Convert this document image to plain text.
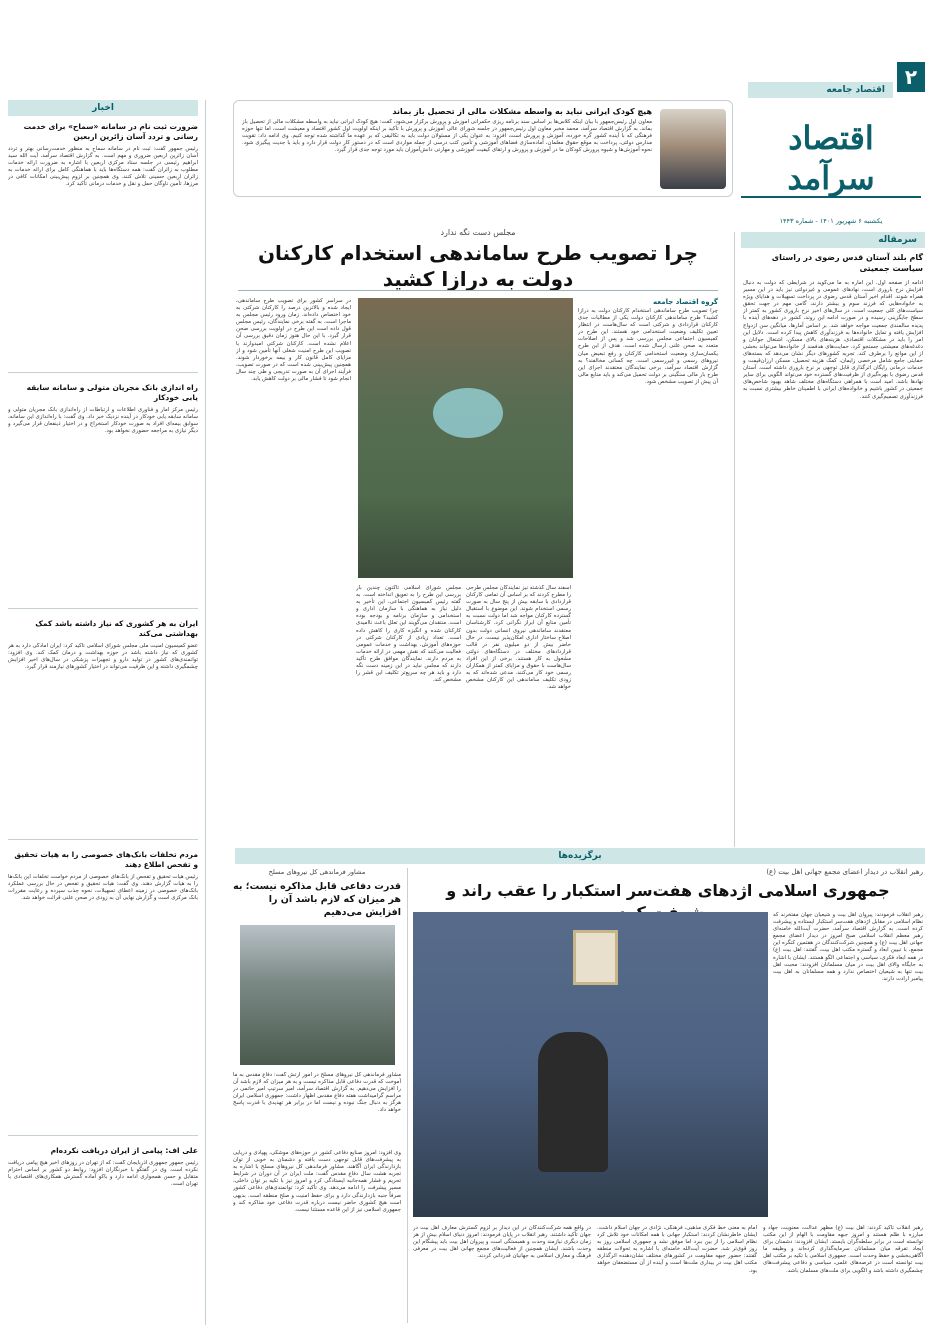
۲
اقتصاد جامعه
اقتصاد سرآمد
یکشنبه ۶ شهریور ۱۴۰۱ - شماره ۱۴۴۳
هیچ کودک ایرانی نباید به واسطه مشکلات مالی از تحصیل باز بماند
معاون اول رئیس‌جمهور با بیان اینکه کلاس‌ها بر اساس سند برنامه ریزی حکمرانی آموزش و پرورش برگزار می‌شود، گفت: هیچ کودک ایرانی نباید به واسطه مشکلات مالی از تحصیل باز بماند. به گزارش اقتصاد سرآمد، محمد مخبر معاون اول رئیس‌جمهور در جلسه شورای عالی آموزش و پرورش با تأکید بر اینکه اولویت اول کشور اقتصاد و معیشت است، اما تنها حوزه فرهنگی که با آینده کشور گره خورده، آموزش و پرورش است، افزود: به عنوان یکی از مسئولان دولت باید به تکالیفی که بر عهده ما گذاشته شده توجه کنیم. وی ادامه داد: تقویت مدارس دولتی، پرداخت به موقع حقوق معلمان، آماده‌سازی فضاهای آموزشی و تأمین کتب درسی از جمله مواردی است که در دستور کار دولت قرار دارد و باید با جدیت پیگیری شود. نحوه آموزش‌ها و شیوه پرورش کودکان ما در آموزش و پرورش و ارتقای کیفیت آموزشی و مهارتی دانش‌آموزان باید مورد توجه جدی قرار گیرد.
اخبار
ضرورت ثبت نام در سامانه «سماح» برای خدمت رسانی و تردد آسان زائرین اربعین
رئیس جمهور گفت: ثبت نام در سامانه سماح به منظور خدمت‌رسانی بهتر و تردد آسان زائرین اربعین ضروری و مهم است. به گزارش اقتصاد سرآمد، آیت الله سید ابراهیم رئیسی در جلسه ستاد مرکزی اربعین با اشاره به ضرورت ارائه خدمات مطلوب به زائران گفت: همه دستگاه‌ها باید با هماهنگی کامل برای ارائه خدمات به زائران اربعین حسینی تلاش کنند. وی همچنین بر لزوم پیش‌بینی امکانات کافی در مرزها، تأمین ناوگان حمل و نقل و خدمات درمانی تأکید کرد.
راه اندازی بانک مجریان متولی و سامانه سابقه یابی خودکار
رئیس مرکز آمار و فناوری اطلاعات و ارتباطات از راه‌اندازی بانک مجریان متولی و سامانه سابقه یابی خودکار در آینده نزدیک خبر داد. وی گفت: با راه‌اندازی این سامانه، سوابق بیمه‌ای افراد به صورت خودکار استخراج و در اختیار ذینفعان قرار می‌گیرد و دیگر نیازی به مراجعه حضوری نخواهد بود.
ایران به هر کشوری که نیاز داشته باشد کمک بهداشتی می‌کند
عضو کمیسیون امنیت ملی مجلس شورای اسلامی تأکید کرد: ایران آمادگی دارد به هر کشوری که نیاز داشته باشد در حوزه بهداشت و درمان کمک کند. وی افزود: توانمندی‌های کشور در تولید دارو و تجهیزات پزشکی در سال‌های اخیر افزایش چشمگیری داشته و این ظرفیت می‌تواند در اختیار کشورهای نیازمند قرار گیرد.
مردم تخلفات بانک‌های خصوصی را به هیات تحقیق و تفحص اطلاع دهند
رئیس هیات تحقیق و تفحص از بانک‌های خصوصی از مردم خواست تخلفات این بانک‌ها را به هیات گزارش دهند. وی گفت: هیات تحقیق و تفحص در حال بررسی عملکرد بانک‌های خصوصی در زمینه اعطای تسهیلات، نحوه جذب سپرده و رعایت مقررات بانک مرکزی است و گزارش نهایی آن به زودی در صحن علنی قرائت خواهد شد.
علی اف: پیامی از ایران دریافت نکرده‌ام
رئیس جمهور جمهوری آذربایجان گفت: که از تهران در روزهای اخیر هیچ پیامی دریافت نکرده است. وی در گفتگو با خبرنگاران افزود: روابط دو کشور بر اساس احترام متقابل و حسن همجواری ادامه دارد و باکو آماده گسترش همکاری‌های اقتصادی با تهران است.
سرمقاله
گام بلند آستان قدس رضوی در راستای سیاست جمعیتی
ادامه از صفحه اول. این اماره به ما می‌گوید در شرایطی که دولت به دنبال افزایش نرخ باروری است، نهادهای عمومی و غیردولتی نیز باید در این مسیر همراه شوند. اقدام اخیر آستان قدس رضوی در پرداخت تسهیلات و هدایای ویژه به خانواده‌هایی که فرزند سوم و بیشتر دارند، گامی مهم در جهت تحقق سیاست‌های کلی جمعیت است. در سال‌های اخیر نرخ باروری کشور به کمتر از سطح جایگزینی رسیده و در صورت ادامه این روند، کشور در دهه‌های آینده با پدیده سالمندی جمعیت مواجه خواهد شد. بر اساس آمارها، میانگین سن ازدواج افزایش یافته و تمایل خانواده‌ها به فرزندآوری کاهش پیدا کرده است. دلایل این امر را باید در مشکلات اقتصادی، هزینه‌های بالای مسکن، اشتغال جوانان و دغدغه‌های معیشتی جستجو کرد. حمایت‌های هدفمند از خانواده‌ها می‌تواند بخشی از این موانع را برطرف کند. تجربه کشورهای دیگر نشان می‌دهد که بسته‌های حمایتی جامع شامل مرخصی زایمان، کمک هزینه تحصیل، مسکن ارزان‌قیمت و خدمات درمانی رایگان اثرگذاری قابل توجهی بر نرخ باروری داشته است. آستان قدس رضوی با بهره‌گیری از ظرفیت‌های گسترده خود می‌تواند الگویی برای سایر نهادها باشد. امید است با همراهی دستگاه‌های مختلف شاهد بهبود شاخص‌های جمعیتی در کشور باشیم و خانواده‌های ایرانی با اطمینان خاطر بیشتری نسبت به فرزندآوری تصمیم‌گیری کنند.
مجلس دست نگه ندارد
چرا تصویب طرح ساماندهی استخدام کارکنان دولت به درازا کشید
گروه اقتصاد جامعه
چرا تصویب طرح ساماندهی استخدام کارکنان دولت به درازا کشید؟ طرح ساماندهی کارکنان دولت یکی از مطالبات جدی کارکنان قراردادی و شرکتی است که سال‌هاست در انتظار تعیین تکلیف وضعیت استخدامی خود هستند. این طرح در کمیسیون اجتماعی مجلس بررسی شد و پس از اصلاحات متعدد به صحن علنی ارسال شده است. هدف از این طرح یکسان‌سازی وضعیت استخدامی کارکنان و رفع تبعیض میان نیروهای رسمی و غیررسمی است. چه کسانی مخالفند؟ به گزارش اقتصاد سرآمد، برخی نمایندگان معتقدند اجرای این طرح بار مالی سنگینی بر دولت تحمیل می‌کند و باید منابع مالی آن پیش از تصویب مشخص شود.
اسفند سال گذشته نیز نمایندگان مجلس طرحی را مطرح کردند که بر اساس آن تمامی کارکنان قراردادی با سابقه بیش از پنج سال به صورت رسمی استخدام شوند. این موضوع با استقبال گسترده کارکنان مواجه شد اما دولت نسبت به تأمین منابع آن ابراز نگرانی کرد. کارشناسان معتقدند ساماندهی نیروی انسانی دولت بدون اصلاح ساختار اداری امکان‌پذیر نیست. در حال حاضر بیش از دو میلیون نفر در قالب قراردادهای مختلف در دستگاه‌های دولتی مشغول به کار هستند. برخی از این افراد سال‌هاست با حقوق و مزایای کمتر از همکاران رسمی خود کار می‌کنند. مدعی شده‌اند که به زودی تکلیف ساماندهی این کارکنان مشخص خواهد شد.
مجلس شورای اسلامی تاکنون چندین بار بررسی این طرح را به تعویق انداخته است. به گفته رئیس کمیسیون اجتماعی، این تأخیر به دلیل نیاز به هماهنگی با سازمان اداری و استخدامی و سازمان برنامه و بودجه بوده است. منتقدان می‌گویند این تعلل باعث ناامیدی کارکنان شده و انگیزه کاری را کاهش داده است. تعداد زیادی از کارکنان شرکتی در حوزه‌های آموزش، بهداشت و خدمات عمومی فعالیت می‌کنند که نقش مهمی در ارائه خدمات به مردم دارند. نمایندگان موافق طرح تأکید دارند که مجلس نباید در این زمینه دست نگه دارد و باید هر چه سریع‌تر تکلیف این قشر را مشخص کند.
در سراسر کشور برای تصویب طرح ساماندهی، ایجاد شده و بالاترین درصد را کارکنان شرکتی به خود اختصاص داده‌اند. زمان ورود رئیس مجلس به ماجرا است. به گفته برخی نمایندگان، رئیس مجلس قول داده است این طرح در اولویت بررسی صحن قرار گیرد. با این حال هنوز زمان دقیق بررسی آن اعلام نشده است. کارکنان شرکتی امیدوارند با تصویب این طرح امنیت شغلی آنها تأمین شود و از مزایای کامل قانون کار و بیمه برخوردار شوند. همچنین پیش‌بینی شده است که در صورت تصویب، فرآیند اجرای آن به صورت تدریجی و طی چند سال انجام شود تا فشار مالی بر دولت کاهش یابد.
برگزیده‌ها
رهبر انقلاب در دیدار اعضای مجمع جهانی اهل بیت (ع)
جمهوری اسلامی اژدهای هفت‌سر استکبار را عقب راند و
رهبر انقلاب فرمودند: پیروان اهل بیت و شیعیان جهان مفتخرند که نظام اسلامی در مقابل اژدهای هفت‌سر استکبار ایستاده و پیشرفت کرده است. به گزارش اقتصاد سرآمد، حضرت آیت‌الله خامنه‌ای رهبر معظم انقلاب اسلامی صبح امروز در دیدار اعضای مجمع جهانی اهل بیت (ع) و همچنین شرکت‌کنندگان در هفتمین کنگره این مجمع، با تبیین ابعاد و گستره مکتب اهل بیت، گفتند: اهل بیت (ع) در همه ابعاد فکری، سیاسی و اجتماعی الگو هستند. ایشان با اشاره به جایگاه والای اهل بیت در میان مسلمانان افزودند: محبت اهل بیت تنها به شیعیان اختصاص ندارد و همه مسلمانان به اهل بیت پیامبر ارادت دارند.
رهبر انقلاب تأکید کردند: اهل بیت (ع) مظهر عدالت، معنویت، جهاد و مبارزه با ظلم هستند و امروز جبهه مقاومت با الهام از این مکتب توانسته است در برابر سلطه‌گران بایستد. ایشان افزودند: دشمنان برای ایجاد تفرقه میان مسلمانان سرمایه‌گذاری کرده‌اند و وظیفه ما آگاهی‌بخشی و حفظ وحدت است. جمهوری اسلامی با تکیه بر مکتب اهل بیت توانسته است در عرصه‌های علمی، سیاسی و دفاعی پیشرفت‌های چشمگیری داشته باشد و الگویی برای ملت‌های مسلمان باشد.
امام به معنی خط فکری مذهبی، فرهنگی، نژادی در جهان اسلام داشت. ایشان خاطرنشان کردند: استکبار جهانی با همه امکانات خود تلاش کرد نظام اسلامی را از بین ببرد اما موفق نشد و جمهوری اسلامی روز به روز قوی‌تر شد. حضرت آیت‌الله خامنه‌ای با اشاره به تحولات منطقه گفتند: حضور جبهه مقاومت در کشورهای مختلف نشان‌دهنده اثرگذاری مکتب اهل بیت در بیداری ملت‌ها است و آینده از آن مستضعفان خواهد بود.
در واقع همه شرکت‌کنندگان در این دیدار بر لزوم گسترش معارف اهل بیت در جهان تأکید داشتند. رهبر انقلاب در پایان فرمودند: امروز دنیای اسلام بیش از هر زمان دیگری نیازمند وحدت و همبستگی است و پیروان اهل بیت باید پیشگام این وحدت باشند. ایشان همچنین از فعالیت‌های مجمع جهانی اهل بیت در معرفی فرهنگ و معارف اسلامی به جهانیان قدردانی کردند.
مشاور فرماندهی کل نیروهای مسلح
قدرت دفاعی قابل مذاکره نیست؛ به هر میزان که لازم باشد آن را افزایش می‌دهیم
مشاور فرماندهی کل نیروهای مسلح در امور ارتش گفت: دفاع مقدس به ما آموخت که قدرت دفاعی قابل مذاکره نیست و به هر میزان که لازم باشد آن را افزایش می‌دهیم. به گزارش اقتصاد سرآمد، امیر سرتیپ امیر حاتمی در مراسم گرامیداشت هفته دفاع مقدس اظهار داشت: جمهوری اسلامی ایران هرگز به دنبال جنگ نبوده و نیست اما در برابر هر تهدیدی با قدرت پاسخ خواهد داد.
وی افزود: امروز صنایع دفاعی کشور در حوزه‌های موشکی، پهپادی و دریایی به پیشرفت‌های قابل توجهی دست یافته و دشمنان به خوبی از توان بازدارندگی ایران آگاهند. مشاور فرماندهی کل نیروهای مسلح با اشاره به تجربه هشت سال دفاع مقدس گفت: ملت ایران در آن دوران در شرایط تحریم و فشار همه‌جانبه ایستادگی کرد و امروز نیز با تکیه بر توان داخلی، مسیر پیشرفت را ادامه می‌دهد. وی تأکید کرد: توانمندی‌های دفاعی کشور صرفاً جنبه بازدارندگی دارد و برای حفظ امنیت و صلح منطقه است. بدیهی است هیچ کشوری حاضر نیست درباره قدرت دفاعی خود مذاکره کند و جمهوری اسلامی نیز از این قاعده مستثنا نیست.
